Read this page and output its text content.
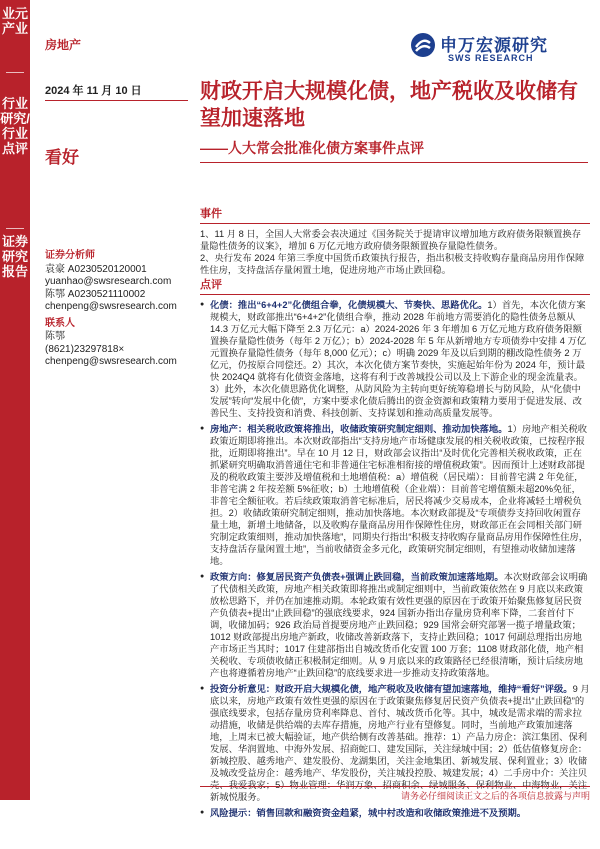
业元产业
行业研究/行业点评
证券研究报告
房地产	申万宏源研究
SWS RESEARCH
2024 年 11 月 10 日
看好
财政开启大规模化债，地产税收及收储有望加速落地
——人大常会批准化债方案事件点评
证券分析师
袁豪 A0230520120001
yuanhao@swsresearch.com
陈鄂 A0230521110002
chenpeng@swsresearch.com
联系人
陈鄂
(8621)23297818×
chenpeng@swsresearch.com
事件
1、11 月 8 日，全国人大常委会表决通过《国务院关于提请审议增加地方政府债务限额置换存量隐性债务的议案》，增加 6 万亿元地方政府债务限额置换存量隐性债务。
2、央行发布 2024 年第三季度中国货币政策执行报告，指出积极支持收购存量商品房用作保障性住房，支持盘活存量闲置土地，促进房地产市场止跌回稳。
点评
● 化债：推出“6+4+2”化债组合拳，化债规模大、节奏快、思路优化。1）首先，本次化债方案规模大，财政部推出“6+4+2”化债组合拳，推动 2028 年前地方需要消化的隐性债务总额从 14.3 万亿元大幅下降至 2.3 万亿元：a）2024-2026 年 3 年增加 6 万亿元地方政府债务限额置换存量隐性债务（每年 2 万亿）；b）2024-2028 年 5 年从新增地方专项债券中安排 4 万亿元置换存量隐性债务（每年 8,000 亿元）；c）明确 2029 年及以后到期的棚改隐性债务 2 万亿元，仍按原合同偿还。2）其次，本次化债方案节奏快，实施起始年份为 2024 年，预计最快 2024Q4 就将有化债资金落地，这将有利于改善城投公司以及上下游企业的现金流量表。3）此外，本次化债思路优化调整，从防风险为主转向更好统筹稳增长与防风险，从“化债中发展”转向“发展中化债”，方案中要求化债后腾出的资金资源和政策精力要用于促进发展、改善民生、支持投资和消费、科技创新、支持谋划和推动高质量发展等。
● 房地产：相关税收政策将推出，收储政策研究制定细则、推动加快落地。1）房地产相关税收政策近期即将推出。本次财政部指出“支持房地产市场健康发展的相关税收政策，已按程序报批，近期即将推出”。早在 10 月 12 日，财政部会议指出“及时优化完善相关税收政策，正在抓紧研究明确取消普通住宅和非普通住宅标准相衔接的增值税政策”。因而预计上述财政部提及的税收政策主要涉及增值税和土地增值税：a）增值税（居民端）：目前普宅满 2 年免征，非普宅满 2 年按差额 5%征收；b）土地增值税（企业端）：目前普宅增值额未超20%免征，非普宅全额征收。若后续政策取消普宅标准后，居民将减少交易成本，企业将减轻土增税负担。2）收储政策研究制定细则，推动加快落地。本次财政部提及“专项债券支持回收闲置存量土地，新增土地储备，以及收购存量商品房用作保障性住房，财政部正在会同相关部门研究制定政策细则，推动加快落地”，同期央行指出“积极支持收购存量商品房用作保障性住房，支持盘活存量闲置土地”，当前收储资金多元化，政策研究制定细则，有望推动收储加速落地。
● 政策方向：修复居民资产负债表+强调止跌回稳，当前政策加速落地期。本次财政部会议明确了代债相关政策，房地产相关政策即将推出或制定细则中，当前政策依然在 9 月底以来政策放松思路下，并仍在加速推动期。本轮政策有效性更强的原因在于政策开始聚焦修复居民资产负债表+提出“止跌回稳”的强底线要求，924 国新办指出存量房贷利率下降，二套首付下调，收储加码；926 政治局首提要房地产止跌回稳；929 国常会研究部署一揽子增量政策；1012 财政部提出房地产新政，收储改善新政落下，支持止跌回稳；1017 何副总理指出房地产市场正当其时；1017 住建部指出自城改货币化安置 100 万套；1108 财政部化债，地产相关税收、专项债收储正积极制定细则。从 9 月底以来的政策路径已经很清晰，预计后续房地产也将遵循着房地产“止跌回稳”的底线要求进一步推动支持政策落地。
● 投资分析意见：财政开启大规模化债，地产税收及收储有望加速落地，维持“看好”评级。9 月底以来，房地产政策有效性更强的原因在于政策聚焦修复居民资产负债表+提出“止跌回稳”的强底线要求，包括存量房贷利率降息、首付、城改货币化等。其中，城改是需求端的需求拉动措施，收储是供给端的去库存措施，房地产行业有望修复。同时，当前地产政策加速落地，上周末已被大幅验证，地产供给侧有改善基础。推荐：1）产品力房企：滨江集团、保利发展、华润置地、中海外发展、招商蛇口、建发国际，关注绿城中国；2）低估值修复房企：新城控股、越秀地产、建发股份、龙湖集团，关注金地集团、新城发展、保利置业；3）收储及城改受益房企：越秀地产、华发股份，关注城投控股、城建发展；4）二手房中介：关注贝壳、我爱我家；5）物业管理：华润万象、招商积余、绿城服务、保利物业、中海物业，关注新城悦服务。
● 风险提示：销售回款和融资资金趋紧，城中村改造和收储政策推进不及预期。
请务必仔细阅读正文之后的各项信息披露与声明
